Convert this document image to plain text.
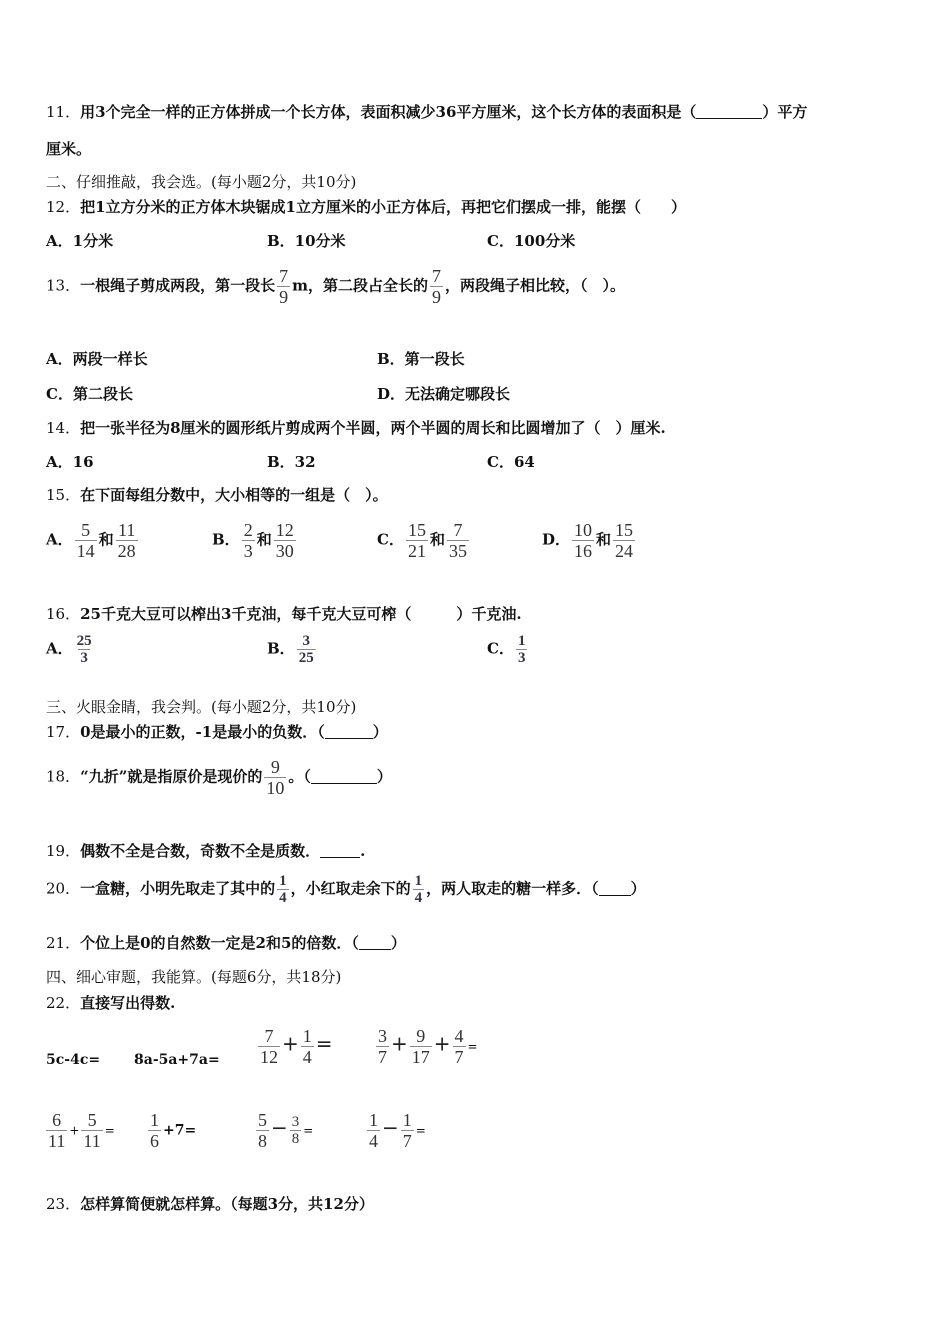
11．用3个完全一样的正方体拼成一个长方体，表面积减少36平方厘米，这个长方体的表面积是（	）平方
厘米。
二、仔细推敲，我会选。(每小题2分，共10分)
12．把1立方分米的正方体木块锯成1立方厘米的小正方体后，再把它们摆成一排，能摆（　　）
A．1分米	B．10分米	C．100分米
13．一根绳子剪成两段，第一段长 $\frac{7}{9}$ m，第二段占全长的 $\frac{7}{9}$ ，两段绳子相比较，（　）。
A．两段一样长	B．第一段长
C．第二段长	D．无法确定哪段长
14．把一张半径为8厘米的圆形纸片剪成两个半圆，两个半圆的周长和比圆增加了（　）厘米.
A．16	B．32	C．64
15．在下面每组分数中，大小相等的一组是（　）。
A． $\frac{5}{14}$ 和 $\frac{11}{28}$	B． $\frac{2}{3}$ 和 $\frac{12}{30}$	C． $\frac{15}{21}$ 和 $\frac{7}{35}$	D． $\frac{10}{16}$ 和 $\frac{15}{24}$
16．25千克大豆可以榨出3千克油，每千克大豆可榨（　　　）千克油.
A． $\frac{25}{3}$	B． $\frac{3}{25}$	C． $\frac{1}{3}$
三、火眼金睛，我会判。(每小题2分，共10分)
17．0是最小的正数，-1是最小的负数．（	）
18．“九折”就是指原价是现价的 $\frac{9}{10}$ 。（	）
19．偶数不全是合数，奇数不全是质数．	.
20．一盒糖，小明先取走了其中的 $\frac{1}{4}$ ，小红取走余下的 $\frac{1}{4}$ ，两人取走的糖一样多．（ ）
21．个位上是0的自然数一定是2和5的倍数．（ ）
四、细心审题，我能算。(每题6分，共18分)
22．直接写出得数.
$5c-4c= 8a-5a+7a= \frac{7}{12} + \frac{1}{4} = \frac{3}{7} + \frac{9}{17} + \frac{4}{7}$ =
$\frac{6}{11} + \frac{5}{11} = \frac{1}{6} +7=$	$\frac{5}{8} - \frac{3}{8}$ =	$\frac{1}{4} - \frac{1}{7}$ =
23．怎样算简便就怎样算。（每题3分，共12分）
